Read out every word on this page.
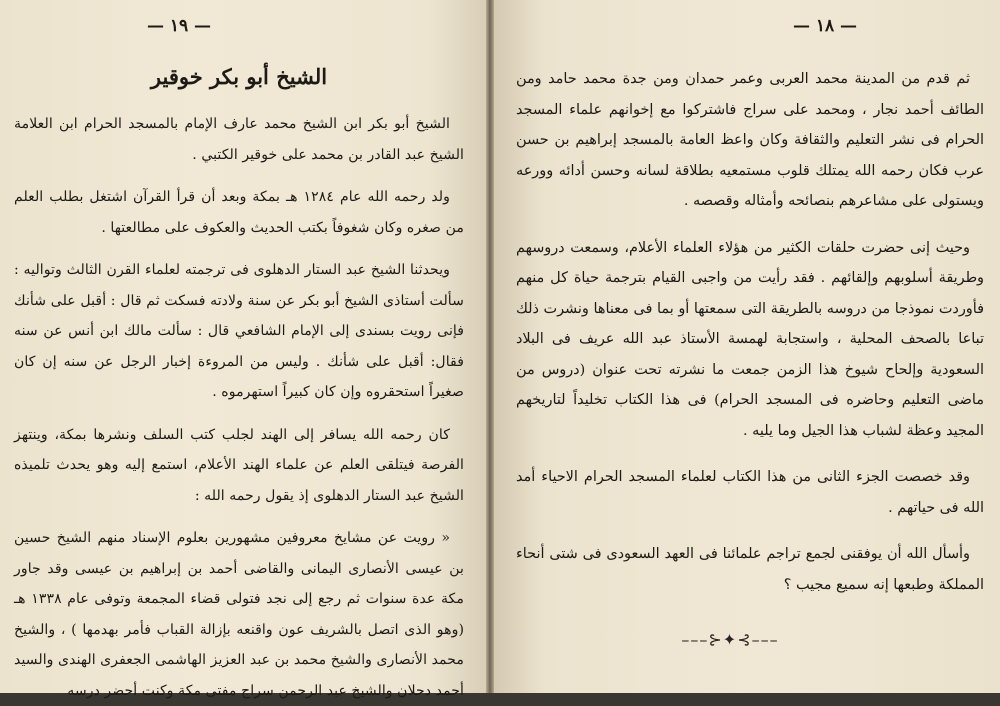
— ١٩ —
الشيخ أبو بكر خوقير

الشيخ أبو بكر ابن الشيخ محمد عارف الإمام بالمسجد الحرام ابن العلامة الشيخ عبد القادر بن محمد على خوقير الكتبي .

ولد رحمه الله عام ١٢٨٤ هـ بمكة وبعد أن قرأ القرآن اشتغل بطلب العلم من صغره وكان شغوفاً بكتب الحديث والعكوف على مطالعتها .

ويحدثنا الشيخ عبد الستار الدهلوى فى ترجمته لعلماء القرن الثالث وتواليه : سألت أستاذى الشيخ أبو بكر عن سنة ولادته فسكت ثم قال : أقبل على شأنك فإنى رويت بسندى إلى الإمام الشافعي قال : سألت مالك ابن أنس عن سنه فقال: أقبل على شأنك . وليس من المروءة إخبار الرجل عن سنه إن كان صغيراً استحقروه وإن كان كبيراً استهرموه .

كان رحمه الله يسافر إلى الهند لجلب كتب السلف ونشرها بمكة، وينتهز الفرصة فيتلقى العلم عن علماء الهند الأعلام، استمع إليه وهو يحدث تلميذه الشيخ عبد الستار الدهلوى إذ يقول رحمه الله :

« رويت عن مشايخ معروفين مشهورين بعلوم الإسناد منهم الشيخ حسين بن عيسى الأنصارى اليمانى والقاضى أحمد بن إبراهيم بن عيسى وقد جاور مكة عدة سنوات ثم رجع إلى نجد فتولى قضاء المجمعة وتوفى عام ١٣٣٨ هـ (وهو الذى اتصل بالشريف عون واقنعه بإزالة القباب فأمر بهدمها ) ، والشيخ محمد الأنصارى والشيخ محمد بن عبد العزيز الهاشمى الجعفرى الهندى والسيد أحمد دحلان والشيخ عبد الرحمن سراج مفتى مكة وكنت أحضر درسه

— ١٨ —

ثم قدم من المدينة محمد العربى وعمر حمدان ومن جدة محمد حامد ومن الطائف أحمد نجار ، ومحمد على سراج فاشتركوا مع إخوانهم علماء المسجد الحرام فى نشر التعليم والثقافة وكان واعظ العامة بالمسجد إبراهيم بن حسن عرب فكان رحمه الله يمتلك قلوب مستمعيه بطلاقة لسانه وحسن أدائه وورعه ويستولى على مشاعرهم بنصائحه وأمثاله وقصصه .

وحيث إنى حضرت حلقات الكثير من هؤلاء العلماء الأعلام، وسمعت دروسهم وطريقة أسلوبهم وإلقائهم . فقد رأيت من واجبى القيام بترجمة حياة كل منهم فأوردت نموذجا من دروسه بالطريقة التى سمعتها أو بما فى معناها ونشرت ذلك تباعا بالصحف المحلية ، واستجابة لهمسة الأستاذ عبد الله عريف فى البلاد السعودية وإلحاح شيوخ هذا الزمن جمعت ما نشرته تحت عنوان (دروس من ماضى التعليم وحاضره فى المسجد الحرام) فى هذا الكتاب تخليداً لتاريخهم المجيد وعظة لشباب هذا الجيل وما يليه .

وقد خصصت الجزء الثانى من هذا الكتاب لعلماء المسجد الحرام الاحياء أمد الله فى حياتهم .

وأسأل الله أن يوفقنى لجمع تراجم علمائنا فى العهد السعودى فى شتى أنحاء المملكة وطبعها إنه سميع مجيب ؟

–––⊱✦⊰–––
